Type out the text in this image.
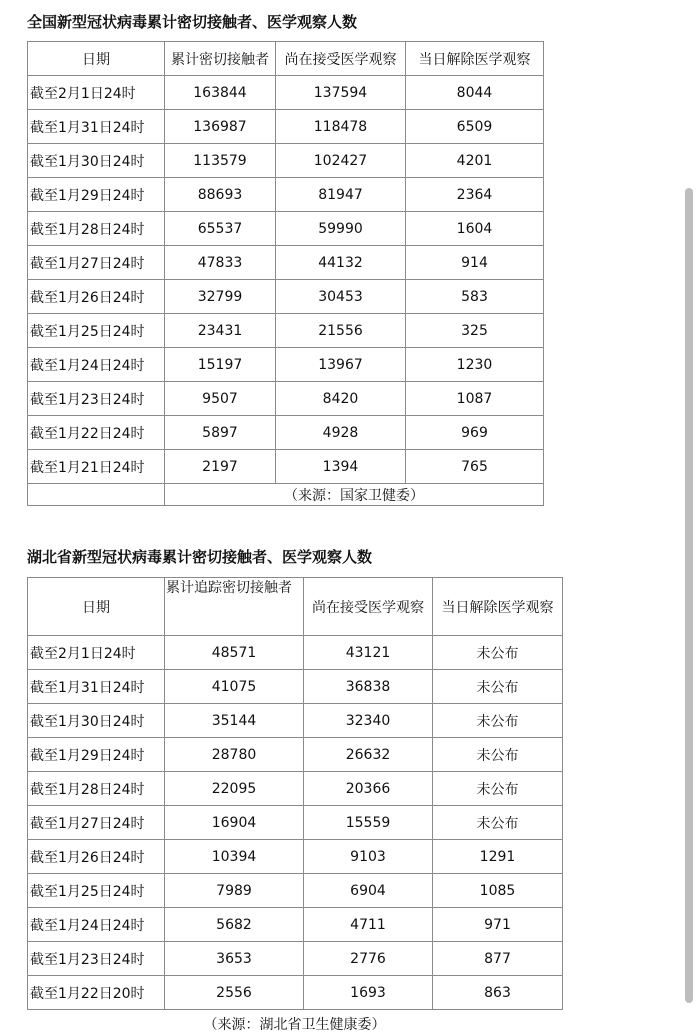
全国新型冠状病毒累计密切接触者、医学观察人数
日期	累计密切接触者	尚在接受医学观察	当日解除医学观察
截至2月1日24时	163844	137594	8044
截至1月31日24时	136987	118478	6509
截至1月30日24时	113579	102427	4201
截至1月29日24时	88693	81947	2364
截至1月28日24时	65537	59990	1604
截至1月27日24时	47833	44132	914
截至1月26日24时	32799	30453	583
截至1月25日24时	23431	21556	325
截至1月24日24时	15197	13967	1230
截至1月23日24时	9507	8420	1087
截至1月22日24时	5897	4928	969
截至1月21日24时	2197	1394	765
	（来源：国家卫健委）		
湖北省新型冠状病毒累计密切接触者、医学观察人数
日期	累计追踪密切接触者	尚在接受医学观察	当日解除医学观察
截至2月1日24时	48571	43121	未公布
截至1月31日24时	41075	36838	未公布
截至1月30日24时	35144	32340	未公布
截至1月29日24时	28780	26632	未公布
截至1月28日24时	22095	20366	未公布
截至1月27日24时	16904	15559	未公布
截至1月26日24时	10394	9103	1291
截至1月25日24时	7989	6904	1085
截至1月24日24时	5682	4711	971
截至1月23日24时	3653	2776	877
截至1月22日20时	2556	1693	863
（来源：湖北省卫生健康委）
